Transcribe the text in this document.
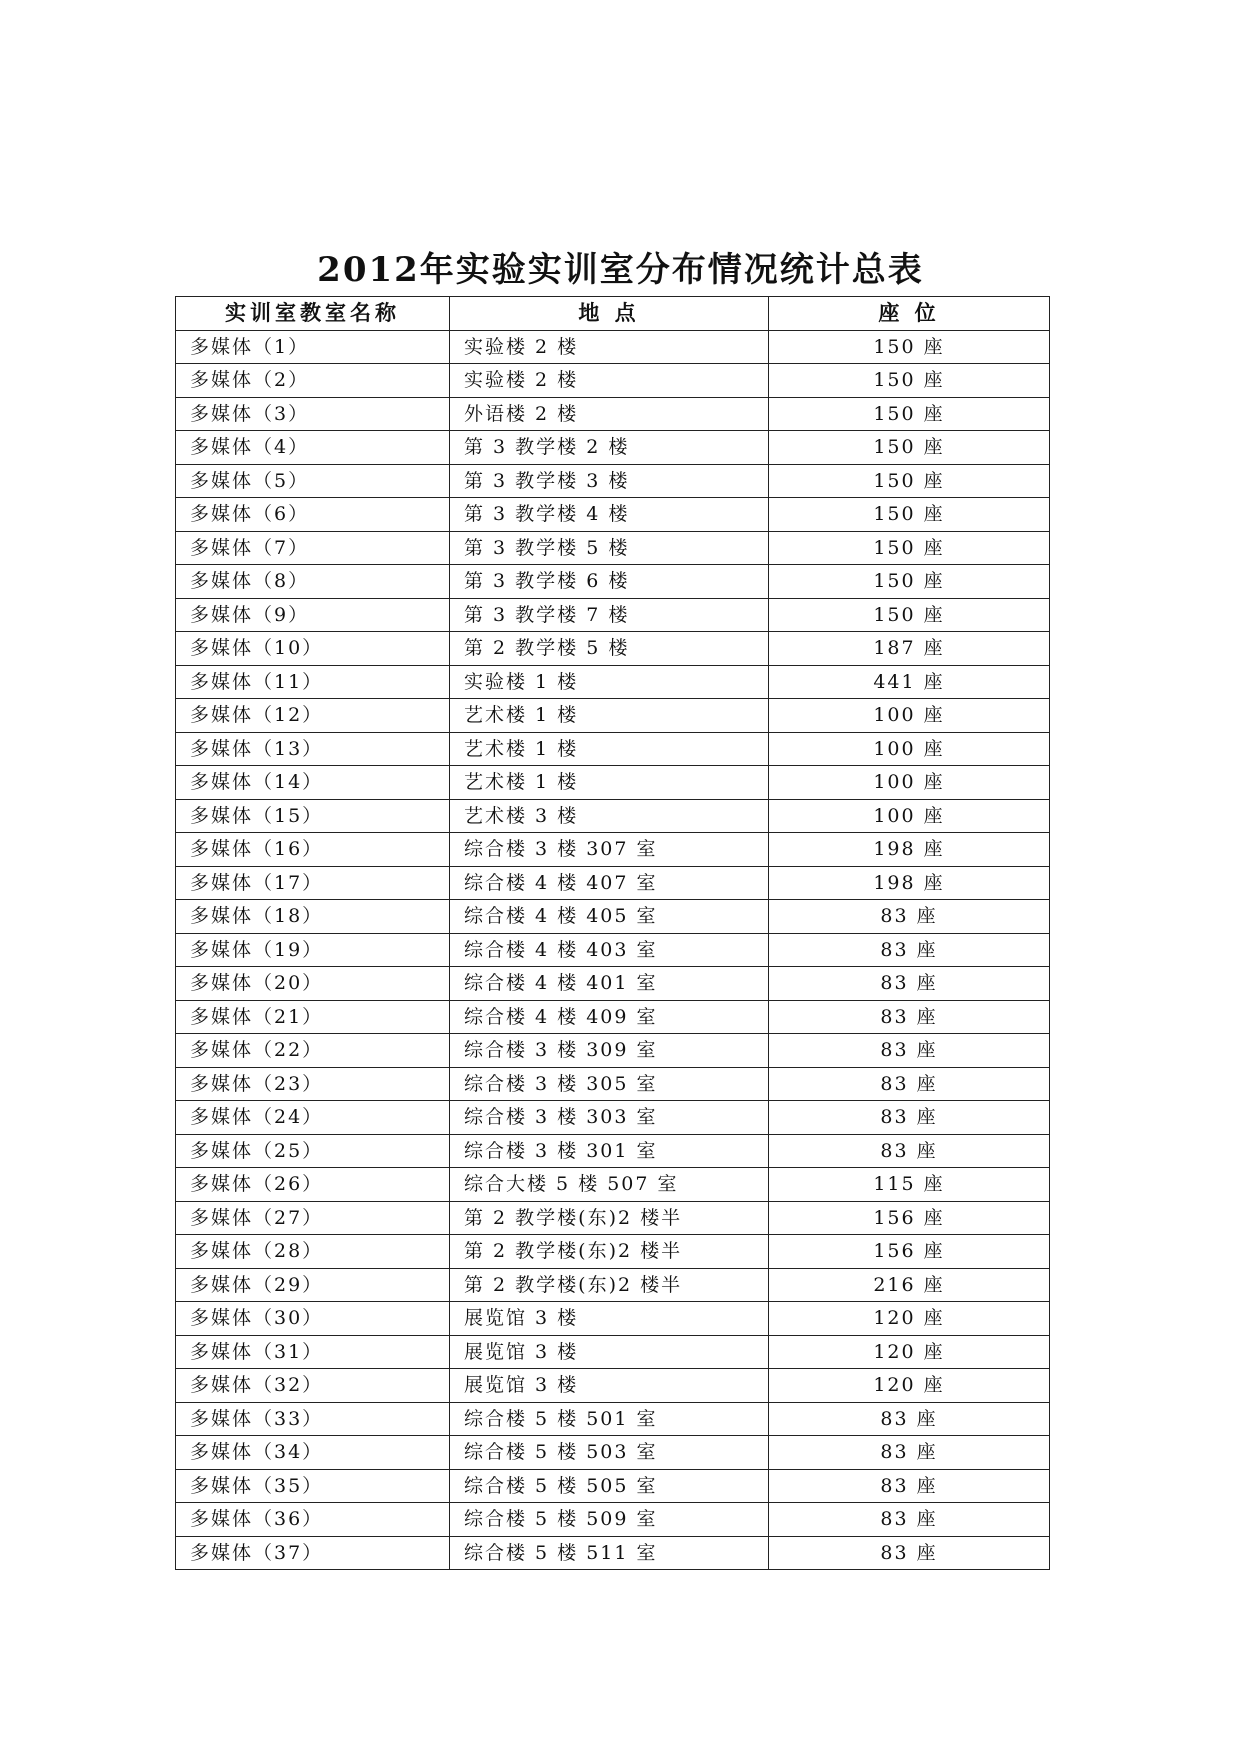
2012年实验实训室分布情况统计总表
实训室教室名称	地 点	座 位
多媒体（1）	实验楼 2 楼	150 座
多媒体（2）	实验楼 2 楼	150 座
多媒体（3）	外语楼 2 楼	150 座
多媒体（4）	第 3 教学楼 2 楼	150 座
多媒体（5）	第 3 教学楼 3 楼	150 座
多媒体（6）	第 3 教学楼 4 楼	150 座
多媒体（7）	第 3 教学楼 5 楼	150 座
多媒体（8）	第 3 教学楼 6 楼	150 座
多媒体（9）	第 3 教学楼 7 楼	150 座
多媒体（10）	第 2 教学楼 5 楼	187 座
多媒体（11）	实验楼 1 楼	441 座
多媒体（12）	艺术楼 1 楼	100 座
多媒体（13）	艺术楼 1 楼	100 座
多媒体（14）	艺术楼 1 楼	100 座
多媒体（15）	艺术楼 3 楼	100 座
多媒体（16）	综合楼 3 楼 307 室	198 座
多媒体（17）	综合楼 4 楼 407 室	198 座
多媒体（18）	综合楼 4 楼 405 室	83 座
多媒体（19）	综合楼 4 楼 403 室	83 座
多媒体（20）	综合楼 4 楼 401 室	83 座
多媒体（21）	综合楼 4 楼 409 室	83 座
多媒体（22）	综合楼 3 楼 309 室	83 座
多媒体（23）	综合楼 3 楼 305 室	83 座
多媒体（24）	综合楼 3 楼 303 室	83 座
多媒体（25）	综合楼 3 楼 301 室	83 座
多媒体（26）	综合大楼 5 楼 507 室	115 座
多媒体（27）	第 2 教学楼(东)2 楼半	156 座
多媒体（28）	第 2 教学楼(东)2 楼半	156 座
多媒体（29）	第 2 教学楼(东)2 楼半	216 座
多媒体（30）	展览馆 3 楼	120 座
多媒体（31）	展览馆 3 楼	120 座
多媒体（32）	展览馆 3 楼	120 座
多媒体（33）	综合楼 5 楼 501 室	83 座
多媒体（34）	综合楼 5 楼 503 室	83 座
多媒体（35）	综合楼 5 楼 505 室	83 座
多媒体（36）	综合楼 5 楼 509 室	83 座
多媒体（37）	综合楼 5 楼 511 室	83 座
